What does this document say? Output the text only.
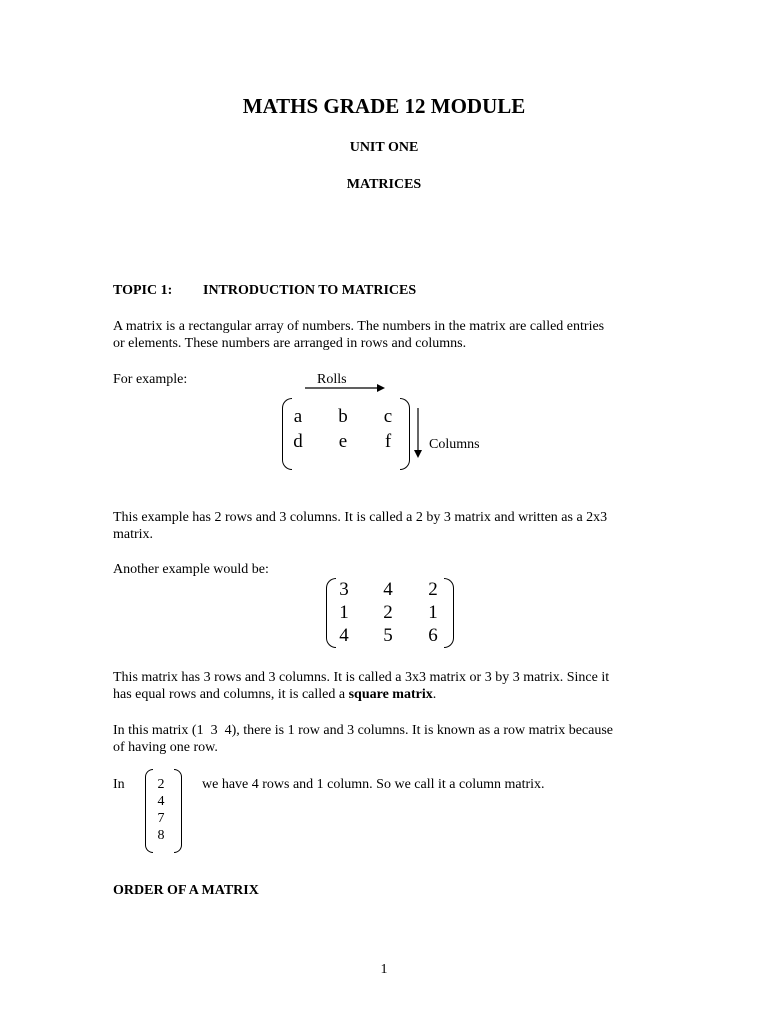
MATHS GRADE 12 MODULE
UNIT ONE
MATRICES
TOPIC 1: INTRODUCTION TO MATRICES
A matrix is a rectangular array of numbers. The numbers in the matrix are called entries
or elements. These numbers are arranged in rows and columns.
For example:	Rolls
a	b	c
d	e	f	Columns
This example has 2 rows and 3 columns. It is called a 2 by 3 matrix and written as a 2x3
matrix.
Another example would be:
3 4 2
1 2 1
4 5 6
This matrix has 3 rows and 3 columns. It is called a 3x3 matrix or 3 by 3 matrix. Since it
has equal rows and columns, it is called a square matrix.
In this matrix (1  3  4), there is 1 row and 3 columns. It is known as a row matrix because
of having one row.
In 2
4
7
8
we have 4 rows and 1 column. So we call it a column matrix.
ORDER OF A MATRIX
1
